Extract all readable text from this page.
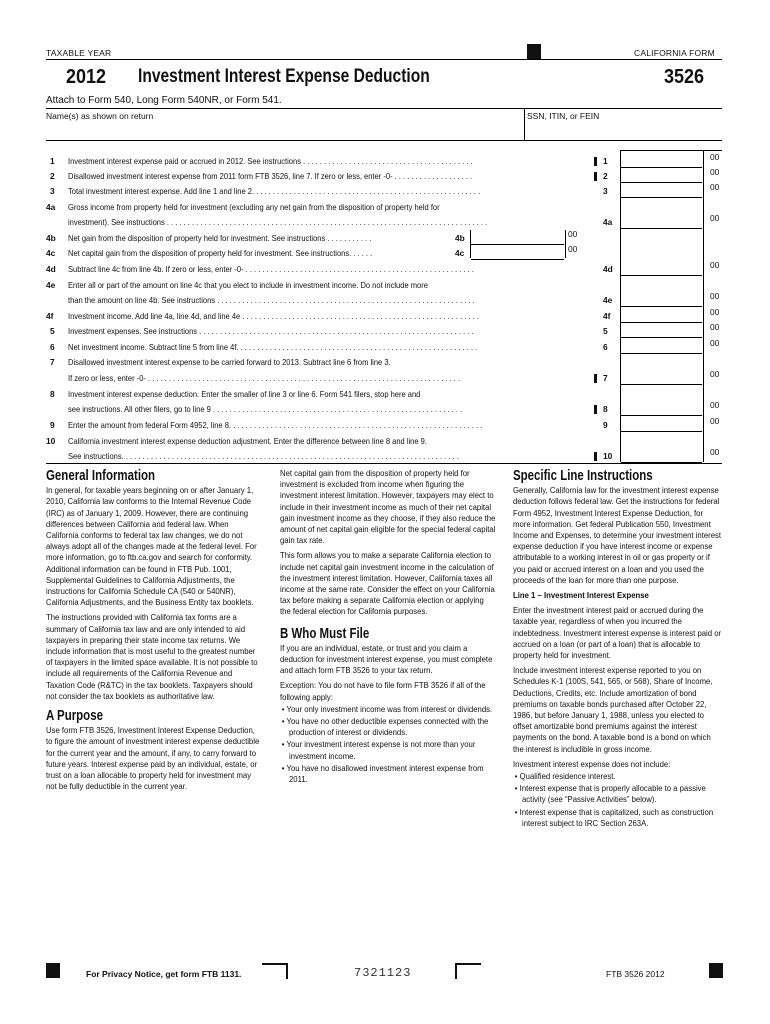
TAXABLE YEAR	CALIFORNIA FORM
2012 Investment Interest Expense Deduction	3526
Attach to Form 540, Long Form 540NR, or Form 541.
Name(s) as shown on return	SSN, ITIN, or FEIN
1 Investment interest expense paid or accrued in 2012. See instructions . . . . . . . . . . . . . . . . . . . . . . . . . . . . . . . . . . . . . . . . .	1	00
2 Disallowed investment interest expense from 2011 form FTB 3526, line 7. If zero or less, enter -0- . . . . . . . . . . . . . . . . . . .	2	00
3 Total investment interest expense. Add line 1 and line 2. . . . . . . . . . . . . . . . . . . . . . . . . . . . . . . . . . . . . . . . . . . . . . . . . . . . . . .	3	00
4a Gross income from property held for investment (excluding any net gain from the disposition of property held for
investment). See instructions . . . . . . . . . . . . . . . . . . . . . . . . . . . . . . . . . . . . . . . . . . . . . . . . . . . . . . . . . . . . . . . . . . . . . . . . . . . . .	4a	00
4b Net gain from the disposition of property held for investment. See instructions . . . . . . . . . . .	4b	00
4c Net capital gain from the disposition of property held for investment. See instructions. . . . . .	4c	00
4d Subtract line 4c from line 4b. If zero or less, enter -0- . . . . . . . . . . . . . . . . . . . . . . . . . . . . . . . . . . . . . . . . . . . . . . . . . . . . . . .	4d	00
4e Enter all or part of the amount on line 4c that you elect to include in investment income. Do not include more
than the amount on line 4b. See instructions . . . . . . . . . . . . . . . . . . . . . . . . . . . . . . . . . . . . . . . . . . . . . . . . . . . . . . . . . . . . . .	4e	00
4f Investment income. Add line 4a, line 4d, and line 4e . . . . . . . . . . . . . . . . . . . . . . . . . . . . . . . . . . . . . . . . . . . . . . . . . . . . . . . . .	4f	00
5 Investment expenses. See instructions . . . . . . . . . . . . . . . . . . . . . . . . . . . . . . . . . . . . . . . . . . . . . . . . . . . . . . . . . . . . . . . . . .	5	00
6 Net investment income. Subtract line 5 from line 4f. . . . . . . . . . . . . . . . . . . . . . . . . . . . . . . . . . . . . . . . . . . . . . . . . . . . . . . . . .	6	00
7 Disallowed investment interest expense to be carried forward to 2013. Subtract line 6 from line 3.
If zero or less, enter -0- . . . . . . . . . . . . . . . . . . . . . . . . . . . . . . . . . . . . . . . . . . . . . . . . . . . . . . . . . . . . . . . . . . . . . . . . . . .	7	00
8 Investment interest expense deduction. Enter the smaller of line 3 or line 6. Form 541 filers, stop here and
see instructions. All other filers, go to line 9 . . . . . . . . . . . . . . . . . . . . . . . . . . . . . . . . . . . . . . . . . . . . . . . . . . . . . . . . . . . .	8	00
9 Enter the amount from federal Form 4952, line 8. . . . . . . . . . . . . . . . . . . . . . . . . . . . . . . . . . . . . . . . . . . . . . . . . . . . . . . . . . . . .	9	00
10 California investment interest expense deduction adjustment. Enter the difference between line 8 and line 9.
See instructions. . . . . . . . . . . . . . . . . . . . . . . . . . . . . . . . . . . . . . . . . . . . . . . . . . . . . . . . . . . . . . . . . . . . . . . . . . . . . . . . .	10	00
General Information

In general, for taxable years beginning on or after January 1, 2010, California law conforms to the Internal Revenue Code (IRC) as of January 1, 2009. However, there are continuing differences between California and federal law. When California conforms to federal tax law changes, we do not always adopt all of the changes made at the federal level. For more information, go to ftb.ca.gov and search for conformity. Additional information can be found in FTB Pub. 1001, Supplemental Guidelines to California Adjustments, the instructions for California Schedule CA (540 or 540NR), California Adjustments, and the Business Entity tax booklets.

The instructions provided with California tax forms are a summary of California tax law and are only intended to aid taxpayers in preparing their state income tax returns. We include information that is most useful to the greatest number of taxpayers in the limited space available. It is not possible to include all requirements of the California Revenue and Taxation Code (R&TC) in the tax booklets. Taxpayers should not consider the tax booklets as authoritative law.

A Purpose

Use form FTB 3526, Investment Interest Expense Deduction, to figure the amount of investment interest expense deductible for the current year and the amount, if any, to carry forward to future years. Interest expense paid by an individual, estate, or trust on a loan allocable to property held for investment may not be fully deductible in the current year.

Net capital gain from the disposition of property held for investment is excluded from income when figuring the investment interest limitation. However, taxpayers may elect to include in their investment income as much of their net capital gain investment income as they choose, if they also reduce the amount of net capital gain eligible for the special federal capital gain tax rate.

This form allows you to make a separate California election to include net capital gain investment income in the calculation of the investment interest limitation. However, California taxes all income at the same rate. Consider the effect on your California tax before making a separate California election or applying the federal election for California purposes.

B Who Must File

If you are an individual, estate, or trust and you claim a deduction for investment interest expense, you must complete and attach form FTB 3526 to your tax return.

Exception: You do not have to file form FTB 3526 if all of the following apply:

• Your only investment income was from interest or dividends.
• You have no other deductible expenses connected with the production of interest or dividends.
• Your investment interest expense is not more than your investment income.
• You have no disallowed investment interest expense from 2011.
Specific Line Instructions

Generally, California law for the investment interest expense deduction follows federal law. Get the instructions for federal Form 4952, Investment Interest Expense Deduction, for more information. Get federal Publication 550, Investment Income and Expenses, to determine your investment interest expense deduction if you have interest income or expense attributable to a working interest in oil or gas property or if you paid or accrued interest on a loan and you used the proceeds of the loan for more than one purpose.

Line 1 – Investment Interest Expense

Enter the investment interest paid or accrued during the taxable year, regardless of when you incurred the indebtedness. Investment interest expense is interest paid or accrued on a loan (or part of a loan) that is allocable to property held for investment.

Include investment interest expense reported to you on Schedules K-1 (100S, 541, 565, or 568), Share of Income, Deductions, Credits, etc. Include amortization of bond premiums on taxable bonds purchased after October 22, 1986, but before January 1, 1988, unless you elected to offset amortizable bond premiums against the interest payments on the bond. A taxable bond is a bond on which the interest is includible in gross income.

Investment interest expense does not include:

• Qualified residence interest.
• Interest expense that is properly allocable to a passive activity (see “Passive Activities” below).
• Interest expense that is capitalized, such as construction interest subject to IRC Section 263A.
For Privacy Notice, get form FTB 1131.	7321123	FTB 3526 2012
